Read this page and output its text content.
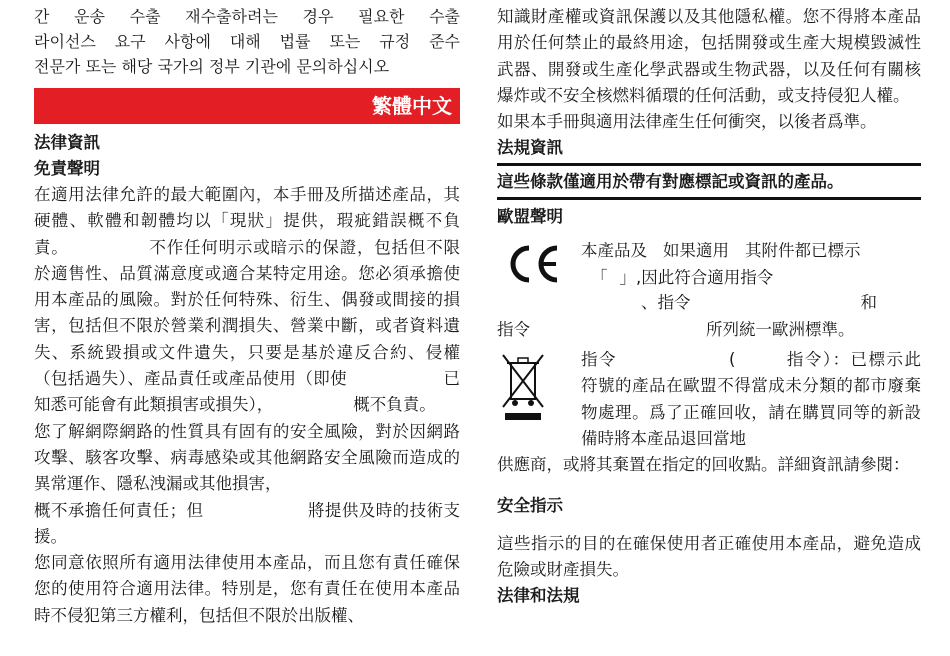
간 운송 수출 재수출하려는 경우 필요한 수출

라이선스 요구 사항에 대해 법률 또는 규정 준수

전문가 또는 해당 국가의 정부 기관에 문의하십시오

繁體中文

法律資訊

免責聲明

在適用法律允許的最大範圍內，本手冊及所描述產品，其硬體、軟體和韌體均以「現狀」提供，瑕疵錯誤概不負責。	不作任何明示或暗示的保證，包括但不限於適售性、品質滿意度或適合某特定用途。您必須承擔使用本產品的風險。對於任何特殊、衍生、偶發或間接的損害，包括但不限於營業利潤損失、營業中斷，或者資料遺失、系統毀損或文件遺失，只要是基於違反合約、侵權（包括過失）、產品責任或產品使用（即使	已知悉可能會有此類損害或損失），	概不負責。

您了解網際網路的性質具有固有的安全風險，對於因網路攻擊、駭客攻擊、病毒感染或其他網路安全風險而造成的異常運作、隱私洩漏或其他損害，
概不承擔任何責任；但	將提供及時的技術支援。

您同意依照所有適用法律使用本產品，而且您有責任確保您的使用符合適用法律。特別是，您有責任在使用本產品時不侵犯第三方權利，包括但不限於出版權、

知識財產權或資訊保護以及其他隱私權。您不得將本產品用於任何禁止的最終用途，包括開發或生產大規模毀滅性武器、開發或生產化學武器或生物武器，以及任何有關核爆炸或不安全核燃料循環的任何活動，或支持侵犯人權。

如果本手冊與適用法律產生任何衝突，以後者爲準。

法規資訊

這些條款僅適用於帶有對應標記或資訊的產品。

歐盟聲明

本產品及 如果適用 其附件都已標示
「 」,因此符合適用指令

、指令	和
指令	所列統一歐洲標準。

指令	(	指令）：已標示此符號的產品在歐盟不得當成未分類的都市廢棄物處理。爲了正確回收，請在購買同等的新設備時將本產品退回當地

供應商，或將其棄置在指定的回收點。詳細資訊請參閱：

安全指示

這些指示的目的在確保使用者正確使用本產品，避免造成危險或財產損失。

法律和法規
